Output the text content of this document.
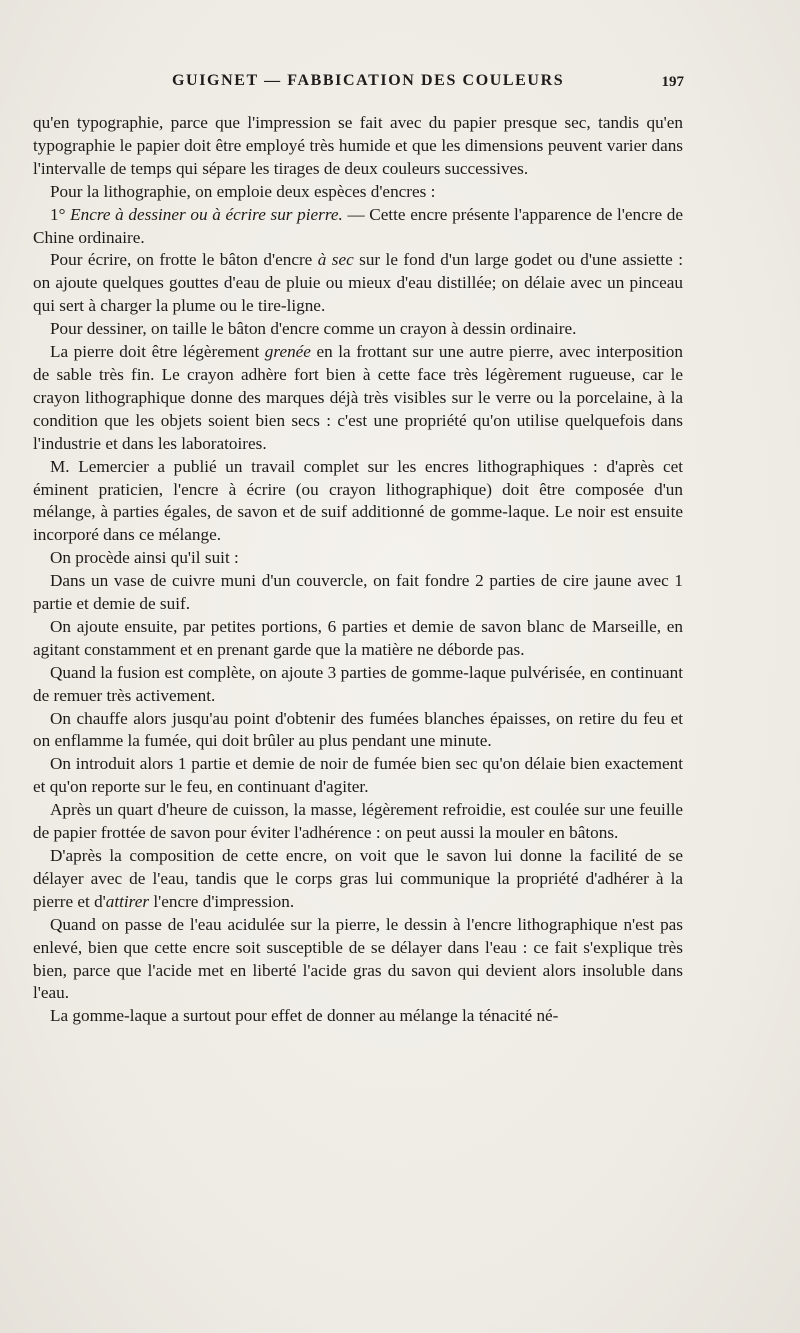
GUIGNET — FABBICATION DES COULEURS	197

qu'en typographie, parce que l'impression se fait avec du papier presque sec, tandis qu'en typographie le papier doit être employé très humide et que les dimensions peuvent varier dans l'intervalle de temps qui sépare les tirages de deux couleurs successives.

Pour la lithographie, on emploie deux espèces d'encres :

1° Encre à dessiner ou à écrire sur pierre. — Cette encre présente l'apparence de l'encre de Chine ordinaire.

Pour écrire, on frotte le bâton d'encre à sec sur le fond d'un large godet ou d'une assiette : on ajoute quelques gouttes d'eau de pluie ou mieux d'eau distillée; on délaie avec un pinceau qui sert à charger la plume ou le tire-ligne.

Pour dessiner, on taille le bâton d'encre comme un crayon à dessin ordinaire.

La pierre doit être légèrement grenée en la frottant sur une autre pierre, avec interposition de sable très fin. Le crayon adhère fort bien à cette face très légèrement rugueuse, car le crayon lithographique donne des marques déjà très visibles sur le verre ou la porcelaine, à la condition que les objets soient bien secs : c'est une propriété qu'on utilise quelquefois dans l'industrie et dans les laboratoires.

M. Lemercier a publié un travail complet sur les encres lithographiques : d'après cet éminent praticien, l'encre à écrire (ou crayon lithographique) doit être composée d'un mélange, à parties égales, de savon et de suif additionné de gomme-laque. Le noir est ensuite incorporé dans ce mélange.

On procède ainsi qu'il suit :

Dans un vase de cuivre muni d'un couvercle, on fait fondre 2 parties de cire jaune avec 1 partie et demie de suif.

On ajoute ensuite, par petites portions, 6 parties et demie de savon blanc de Marseille, en agitant constamment et en prenant garde que la matière ne déborde pas.

Quand la fusion est complète, on ajoute 3 parties de gomme-laque pulvérisée, en continuant de remuer très activement.

On chauffe alors jusqu'au point d'obtenir des fumées blanches épaisses, on retire du feu et on enflamme la fumée, qui doit brûler au plus pendant une minute.

On introduit alors 1 partie et demie de noir de fumée bien sec qu'on délaie bien exactement et qu'on reporte sur le feu, en continuant d'agiter.

Après un quart d'heure de cuisson, la masse, légèrement refroidie, est coulée sur une feuille de papier frottée de savon pour éviter l'adhérence : on peut aussi la mouler en bâtons.

D'après la composition de cette encre, on voit que le savon lui donne la facilité de se délayer avec de l'eau, tandis que le corps gras lui communique la propriété d'adhérer à la pierre et d'attirer l'encre d'impression.

Quand on passe de l'eau acidulée sur la pierre, le dessin à l'encre lithographique n'est pas enlevé, bien que cette encre soit susceptible de se délayer dans l'eau : ce fait s'explique très bien, parce que l'acide met en liberté l'acide gras du savon qui devient alors insoluble dans l'eau.

La gomme-laque a surtout pour effet de donner au mélange la ténacité né-
